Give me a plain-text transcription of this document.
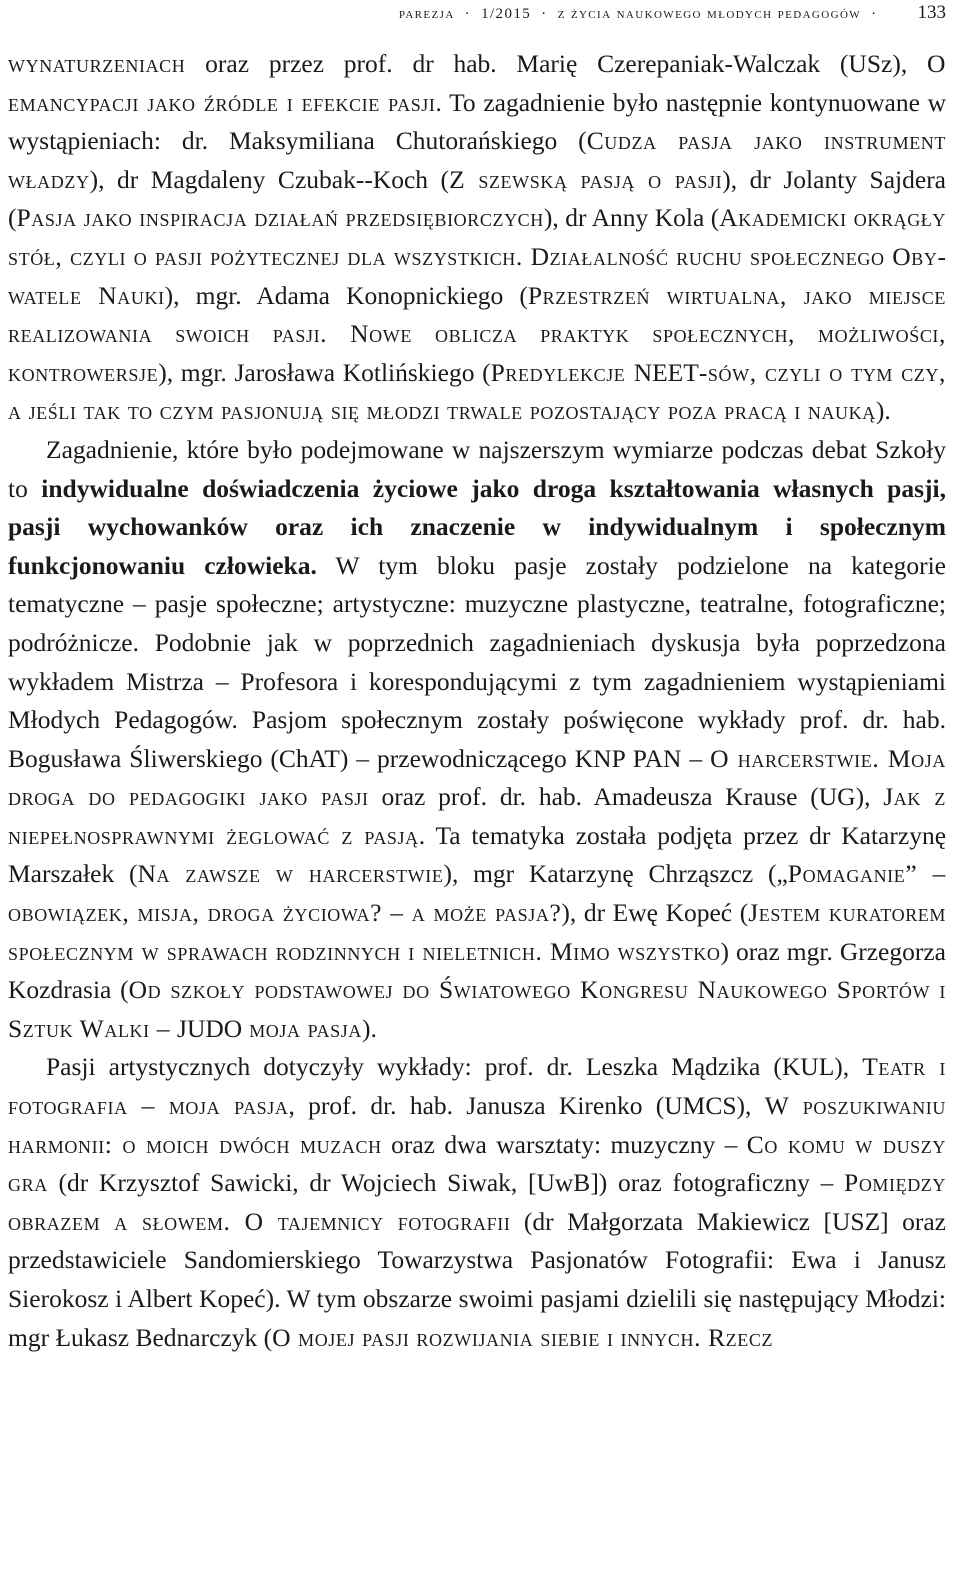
parezja · 1/2015 · z życia naukowego młodych pedagogów · 133

wynaturzeniach oraz przez prof. dr hab. Marię Czerepaniak-Walczak (USz), O emancypacji jako źródle i efekcie pasji. To zagadnienie było następnie kontynuowane w wystąpieniach: dr. Maksymiliana Chutorańskiego (Cudza pasja jako instrument władzy), dr Magdaleny Czubak--Koch (Z szewską pasją o pasji), dr Jolanty Sajdera (Pasja jako inspiracja działań przedsiębiorczych), dr Anny Kola (Akademicki okrągły stół, czyli o pasji pożytecznej dla wszystkich. Działalność ruchu społecznego Obywatele Nauki), mgr. Adama Konopnickiego (Przestrzeń wirtualna, jako miejsce realizowania swoich pasji. Nowe oblicza praktyk społecznych, możliwości, kontrowersje), mgr. Jarosława Kotlińskiego (Predylekcje NEET-sów, czyli o tym czy, a jeśli tak to czym pasjonują się młodzi trwale pozostający poza pracą i nauką).

Zagadnienie, które było podejmowane w najszerszym wymiarze podczas debat Szkoły to indywidualne doświadczenia życiowe jako droga kształtowania własnych pasji, pasji wychowanków oraz ich znaczenie w indywidualnym i społecznym funkcjonowaniu człowieka. W tym bloku pasje zostały podzielone na kategorie tematyczne – pasje społeczne; artystyczne: muzyczne plastyczne, teatralne, fotograficzne; podróżnicze. Podobnie jak w poprzednich zagadnieniach dyskusja była poprzedzona wykładem Mistrza – Profesora i korespondującymi z tym zagadnieniem wystąpieniami Młodych Pedagogów. Pasjom społecznym zostały poświęcone wykłady prof. dr. hab. Bogusława Śliwerskiego (ChAT) – przewodniczącego KNP PAN – O harcerstwie. Moja droga do pedagogiki jako pasji oraz prof. dr. hab. Amadeusza Krause (UG), Jak z niepełnosprawnymi żeglować z pasją. Ta tematyka została podjęta przez dr Katarzynę Marszałek (Na zawsze w harcerstwie), mgr Katarzynę Chrząszcz („Pomaganie” – obowiązek, misja, droga życiowa? – a może pasja?), dr Ewę Kopeć (Jestem kuratorem społecznym w sprawach rodzinnych i nieletnich. Mimo wszystko) oraz mgr. Grzegorza Kozdrasia (Od szkoły podstawowej do Światowego Kongresu Naukowego Sportów i Sztuk Walki – JUDO moja pasja).

Pasji artystycznych dotyczyły wykłady: prof. dr. Leszka Mądzika (KUL), Teatr i fotografia – moja pasja, prof. dr. hab. Janusza Kirenko (UMCS), W poszukiwaniu harmonii: o moich dwóch muzach oraz dwa warsztaty: muzyczny – Co komu w duszy gra (dr Krzysztof Sawicki, dr Wojciech Siwak, [UwB]) oraz fotograficzny – Pomiędzy obrazem a słowem. O tajemnicy fotografii (dr Małgorzata Makiewicz [USZ] oraz przedstawiciele Sandomierskiego Towarzystwa Pasjonatów Fotografii: Ewa i Janusz Sierokosz i Albert Kopeć). W tym obszarze swoimi pasjami dzielili się następujący Młodzi: mgr Łukasz Bednarczyk (O mojej pasji rozwijania siebie i innych. Rzecz
